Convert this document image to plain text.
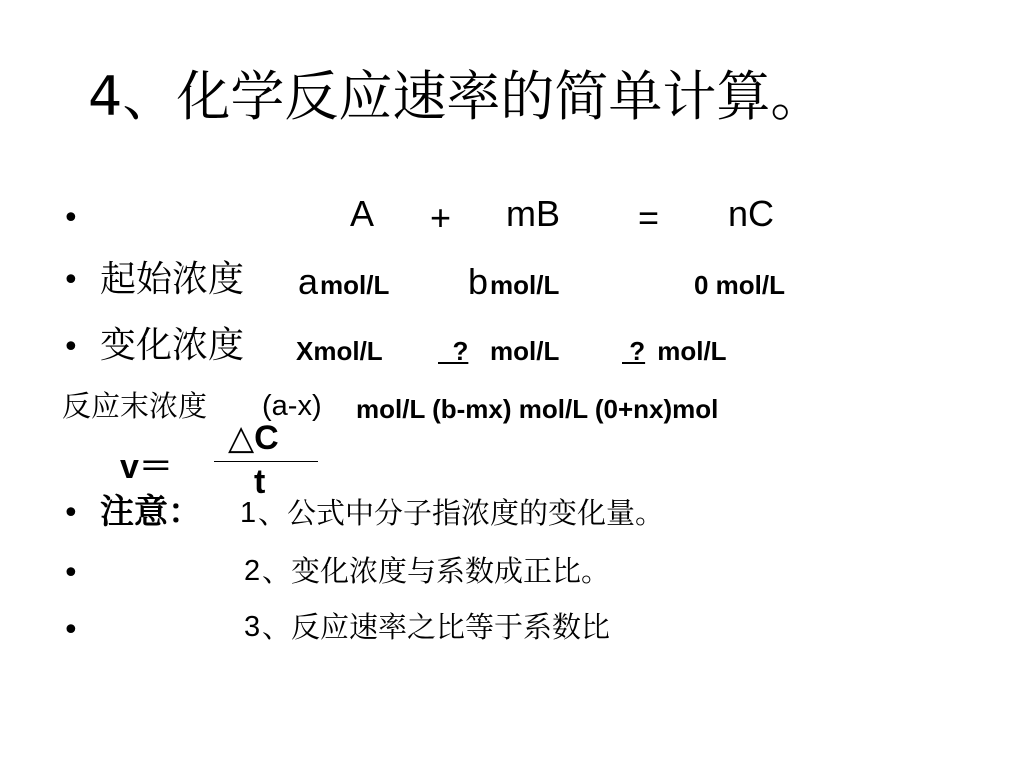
4、化学反应速率的简单计算。
•	A + mB = nC
• 起始浓度 a mol/L b mol/L	0 mol/L
• 变化浓度 Xmol/L ? mol/L ? mol/L
反应末浓度 (a-x) mol/L (b-mx) mol/L (0+nx)mol
v＝
△C
t
• 注意： 1 、公式中分子指浓度的变化量。
•	2 、变化浓度与系数成正比。
•	3 、反应速率之比等于系数比
